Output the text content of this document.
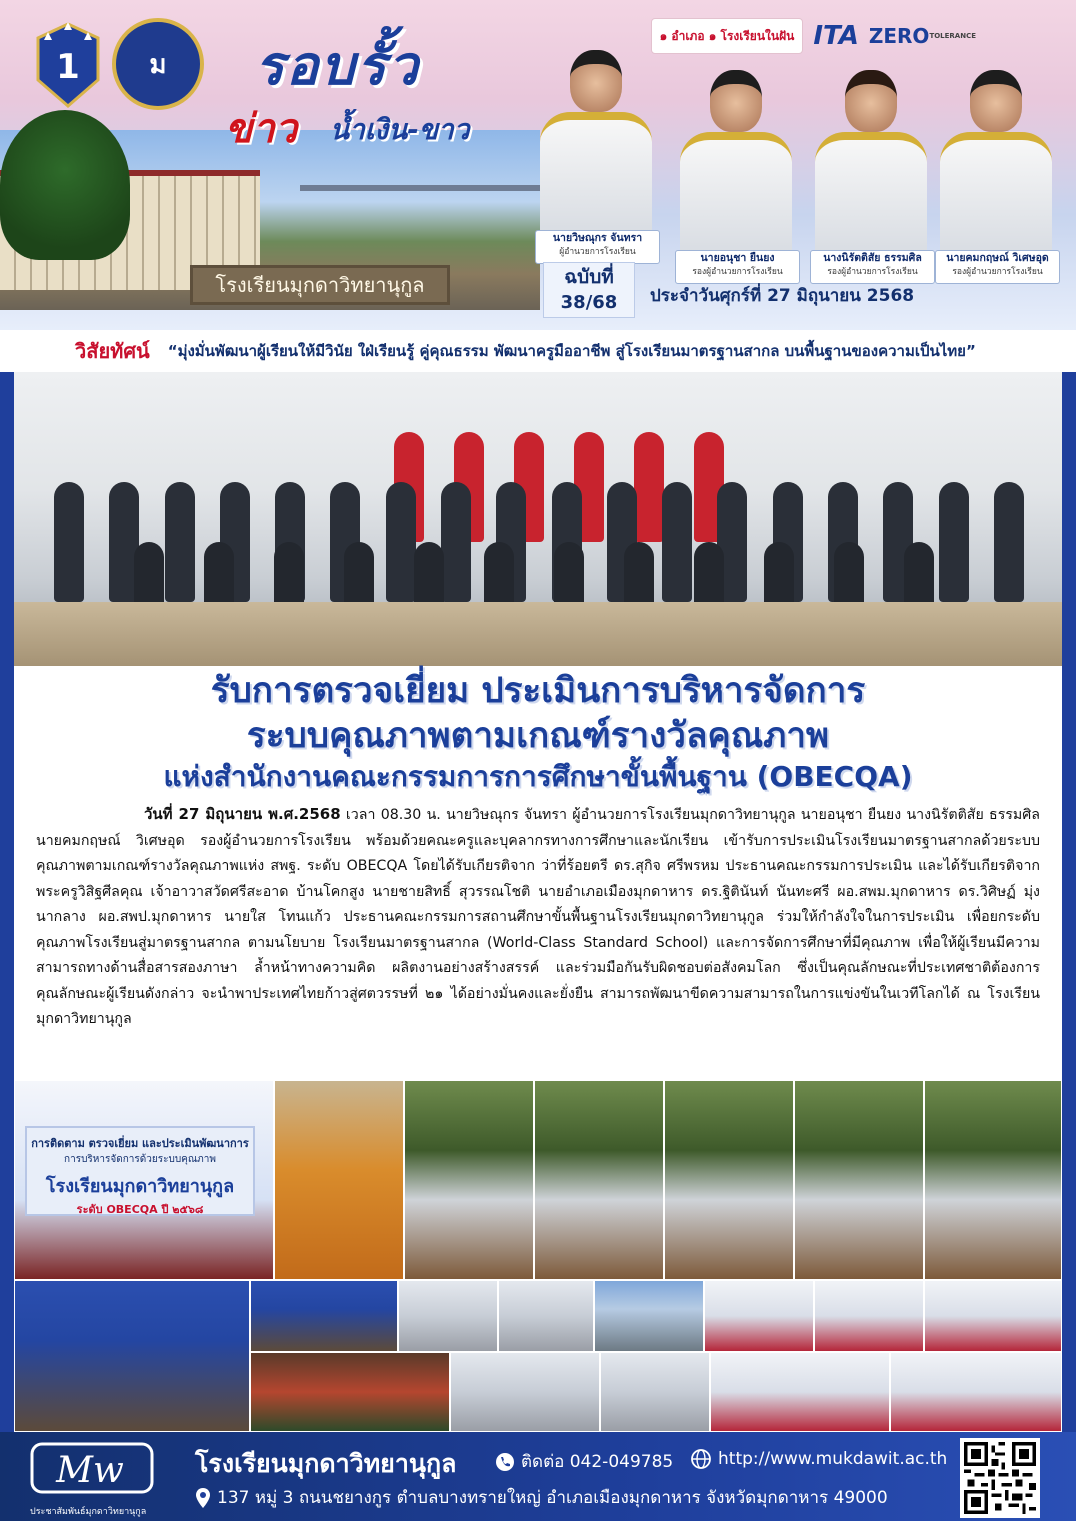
โรงเรียนมุกดาวิทยานุกูล
1	ม รอบรั้ว
ข่าว น้ำเงิน-ขาว
๑ อำเภอ ๑ โรงเรียนในฝัน ITA ZERO TOLERANCE
นายวิษณุกร จันทรา
ผู้อำนวยการโรงเรียน	นายอนุชา ยืนยง
รองผู้อำนวยการโรงเรียน
นางนิรัตติสัย ธรรมศิล
รองผู้อำนวยการโรงเรียน
นายคมกฤษณ์ วิเศษอุด
รองผู้อำนวยการโรงเรียน
ฉบับที่
38/68	ประจำวันศุกร์ที่ 27 มิถุนายน 2568
วิสัยทัศน์ “มุ่งมั่นพัฒนาผู้เรียนให้มีวินัย ใฝ่เรียนรู้ คู่คุณธรรม พัฒนาครูมืออาชีพ สู่โรงเรียนมาตรฐานสากล บนพื้นฐานของความเป็นไทย”
รับการตรวจเยี่ยม ประเมินการบริหารจัดการ
ระบบคุณภาพตามเกณฑ์รางวัลคุณภาพ
แห่งสำนักงานคณะกรรมการการศึกษาขั้นพื้นฐาน (OBECQA)

วันที่ 27 มิถุนายน พ.ศ.2568 เวลา 08.30 น. นายวิษณุกร จันทรา ผู้อำนวยการโรงเรียนมุกดาวิทยานุกูล นายอนุชา ยืนยง นางนิรัตติสัย ธรรมศิล นายคมกฤษณ์ วิเศษอุด รองผู้อำนวยการโรงเรียน พร้อมด้วยคณะครูและบุคลากรทางการศึกษาและนักเรียน เข้ารับการประเมินโรงเรียนมาตรฐานสากลด้วยระบบคุณภาพตามเกณฑ์รางวัลคุณภาพแห่ง สพฐ. ระดับ OBECQA โดยได้รับเกียรติจาก ว่าที่ร้อยตรี ดร.สุกิจ ศรีพรหม ประธานคณะกรรมการประเมิน และได้รับเกียรติจาก พระครูวิสิฐศีลคุณ เจ้าอาวาสวัดศรีสะอาด บ้านโคกสูง นายชายสิทธิ์ สุวรรณโชติ นายอำเภอเมืองมุกดาหาร ดร.ฐิตินันท์ นันทะศรี ผอ.สพม.มุกดาหาร ดร.วิศิษฏ์ มุ่งนากลาง ผอ.สพป.มุกดาหาร นายใส โทนแก้ว ประธานคณะกรรมการสถานศึกษาขั้นพื้นฐานโรงเรียนมุกดาวิทยานุกูล ร่วมให้กำลังใจในการประเมิน เพื่อยกระดับคุณภาพโรงเรียนสู่มาตรฐานสากล ตามนโยบาย โรงเรียนมาตรฐานสากล (World-Class Standard School) และการจัดการศึกษาที่มีคุณภาพ เพื่อให้ผู้เรียนมีความสามารถทางด้านสื่อสารสองภาษา ล้ำหน้าทางความคิด ผลิตงานอย่างสร้างสรรค์ และร่วมมือกันรับผิดชอบต่อสังคมโลก ซึ่งเป็นคุณลักษณะที่ประเทศชาติต้องการ คุณลักษณะผู้เรียนดังกล่าว จะนำพาประเทศไทยก้าวสู่ศตวรรษที่ ๒๑ ได้อย่างมั่นคงและยั่งยืน สามารถพัฒนาขีดความสามารถในการแข่งขันในเวทีโลกได้ ณ โรงเรียนมุกดาวิทยานุกูล

การติดตาม ตรวจเยี่ยม และประเมินพัฒนาการ
การบริหารจัดการด้วยระบบคุณภาพ
โรงเรียนมุกดาวิทยานุกูล
ระดับ OBECQA ปี ๒๕๖๘
Mw
ประชาสัมพันธ์มุกดาวิทยานุกูล
โรงเรียนมุกดาวิทยานุกูล	ติดต่อ 042-049785	http://www.mukdawit.ac.th
137 หมู่ 3 ถนนชยางกูร ตำบลบางทรายใหญ่ อำเภอเมืองมุกดาหาร จังหวัดมุกดาหาร 49000
